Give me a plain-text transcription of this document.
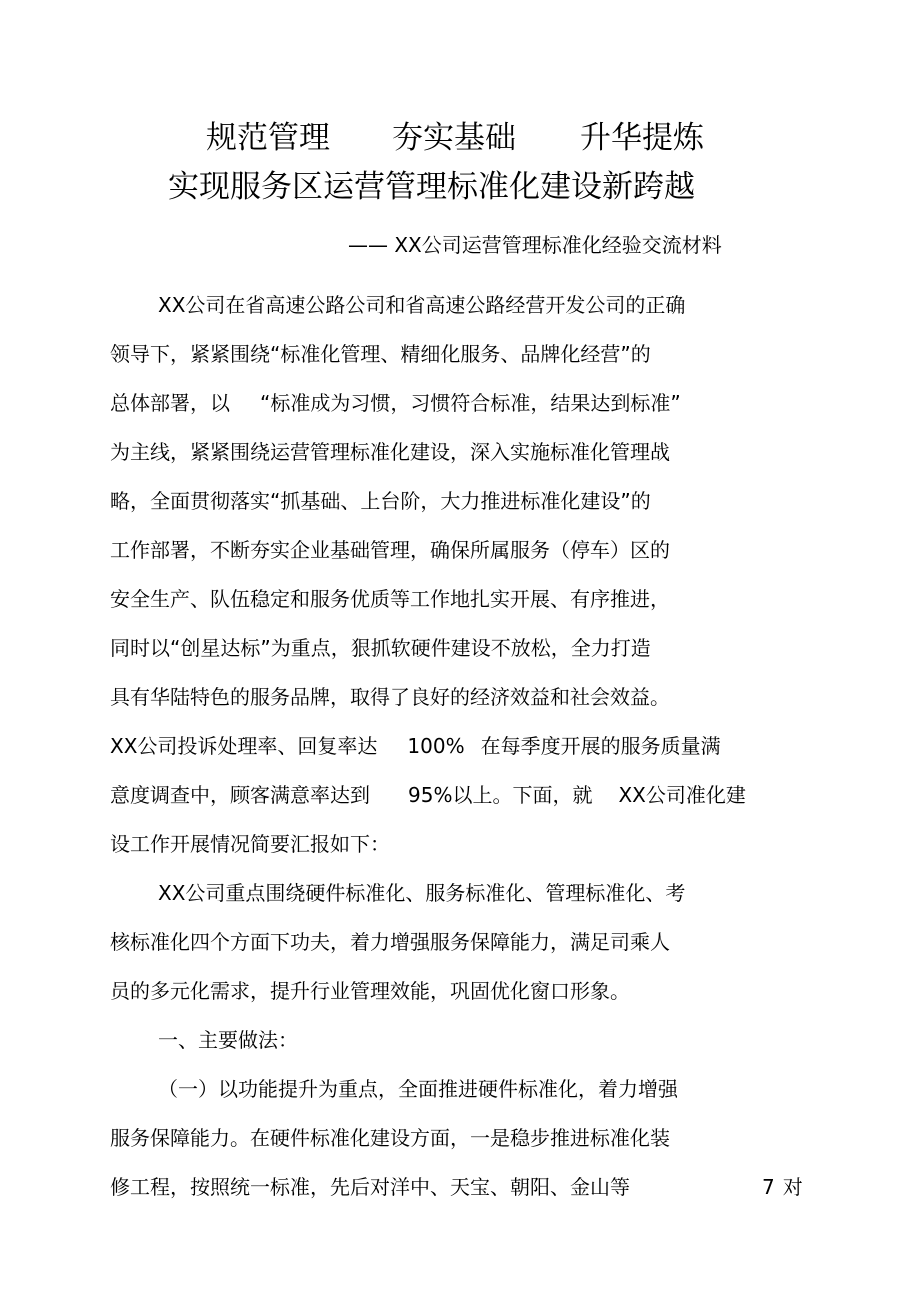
规范管理 夯实基础 升华提炼
实现服务区运营管理标准化建设新跨越
—— XX公司运营管理标准化经验交流材料
XX公司在省高速公路公司和省高速公路经营开发公司的正确
领导下，紧紧围绕“标准化管理、精细化服务、品牌化经营”的
总体部署，以 “标准成为习惯，习惯符合标准，结果达到标准”
为主线，紧紧围绕运营管理标准化建设，深入实施标准化管理战
略，全面贯彻落实“抓基础、上台阶，大力推进标准化建设”的
工作部署，不断夯实企业基础管理，确保所属服务（停车）区的
安全生产、队伍稳定和服务优质等工作地扎实开展、有序推进，
同时以“创星达标”为重点，狠抓软硬件建设不放松，全力打造
具有华陆特色的服务品牌，取得了良好的经济效益和社会效益。
XX公司投诉处理率、回复率达 100% 在每季度开展的服务质量满
意度调查中，顾客满意率达到 95%以上。下面，就 XX公司准化建
设工作开展情况简要汇报如下：
XX公司重点围绕硬件标准化、服务标准化、管理标准化、考
核标准化四个方面下功夫，着力增强服务保障能力，满足司乘人
员的多元化需求，提升行业管理效能，巩固优化窗口形象。
一、主要做法：
（一）以功能提升为重点，全面推进硬件标准化，着力增强
服务保障能力。在硬件标准化建设方面，一是稳步推进标准化装
修工程，按照统一标准，先后对洋中、天宝、朝阳、金山等	7 对
